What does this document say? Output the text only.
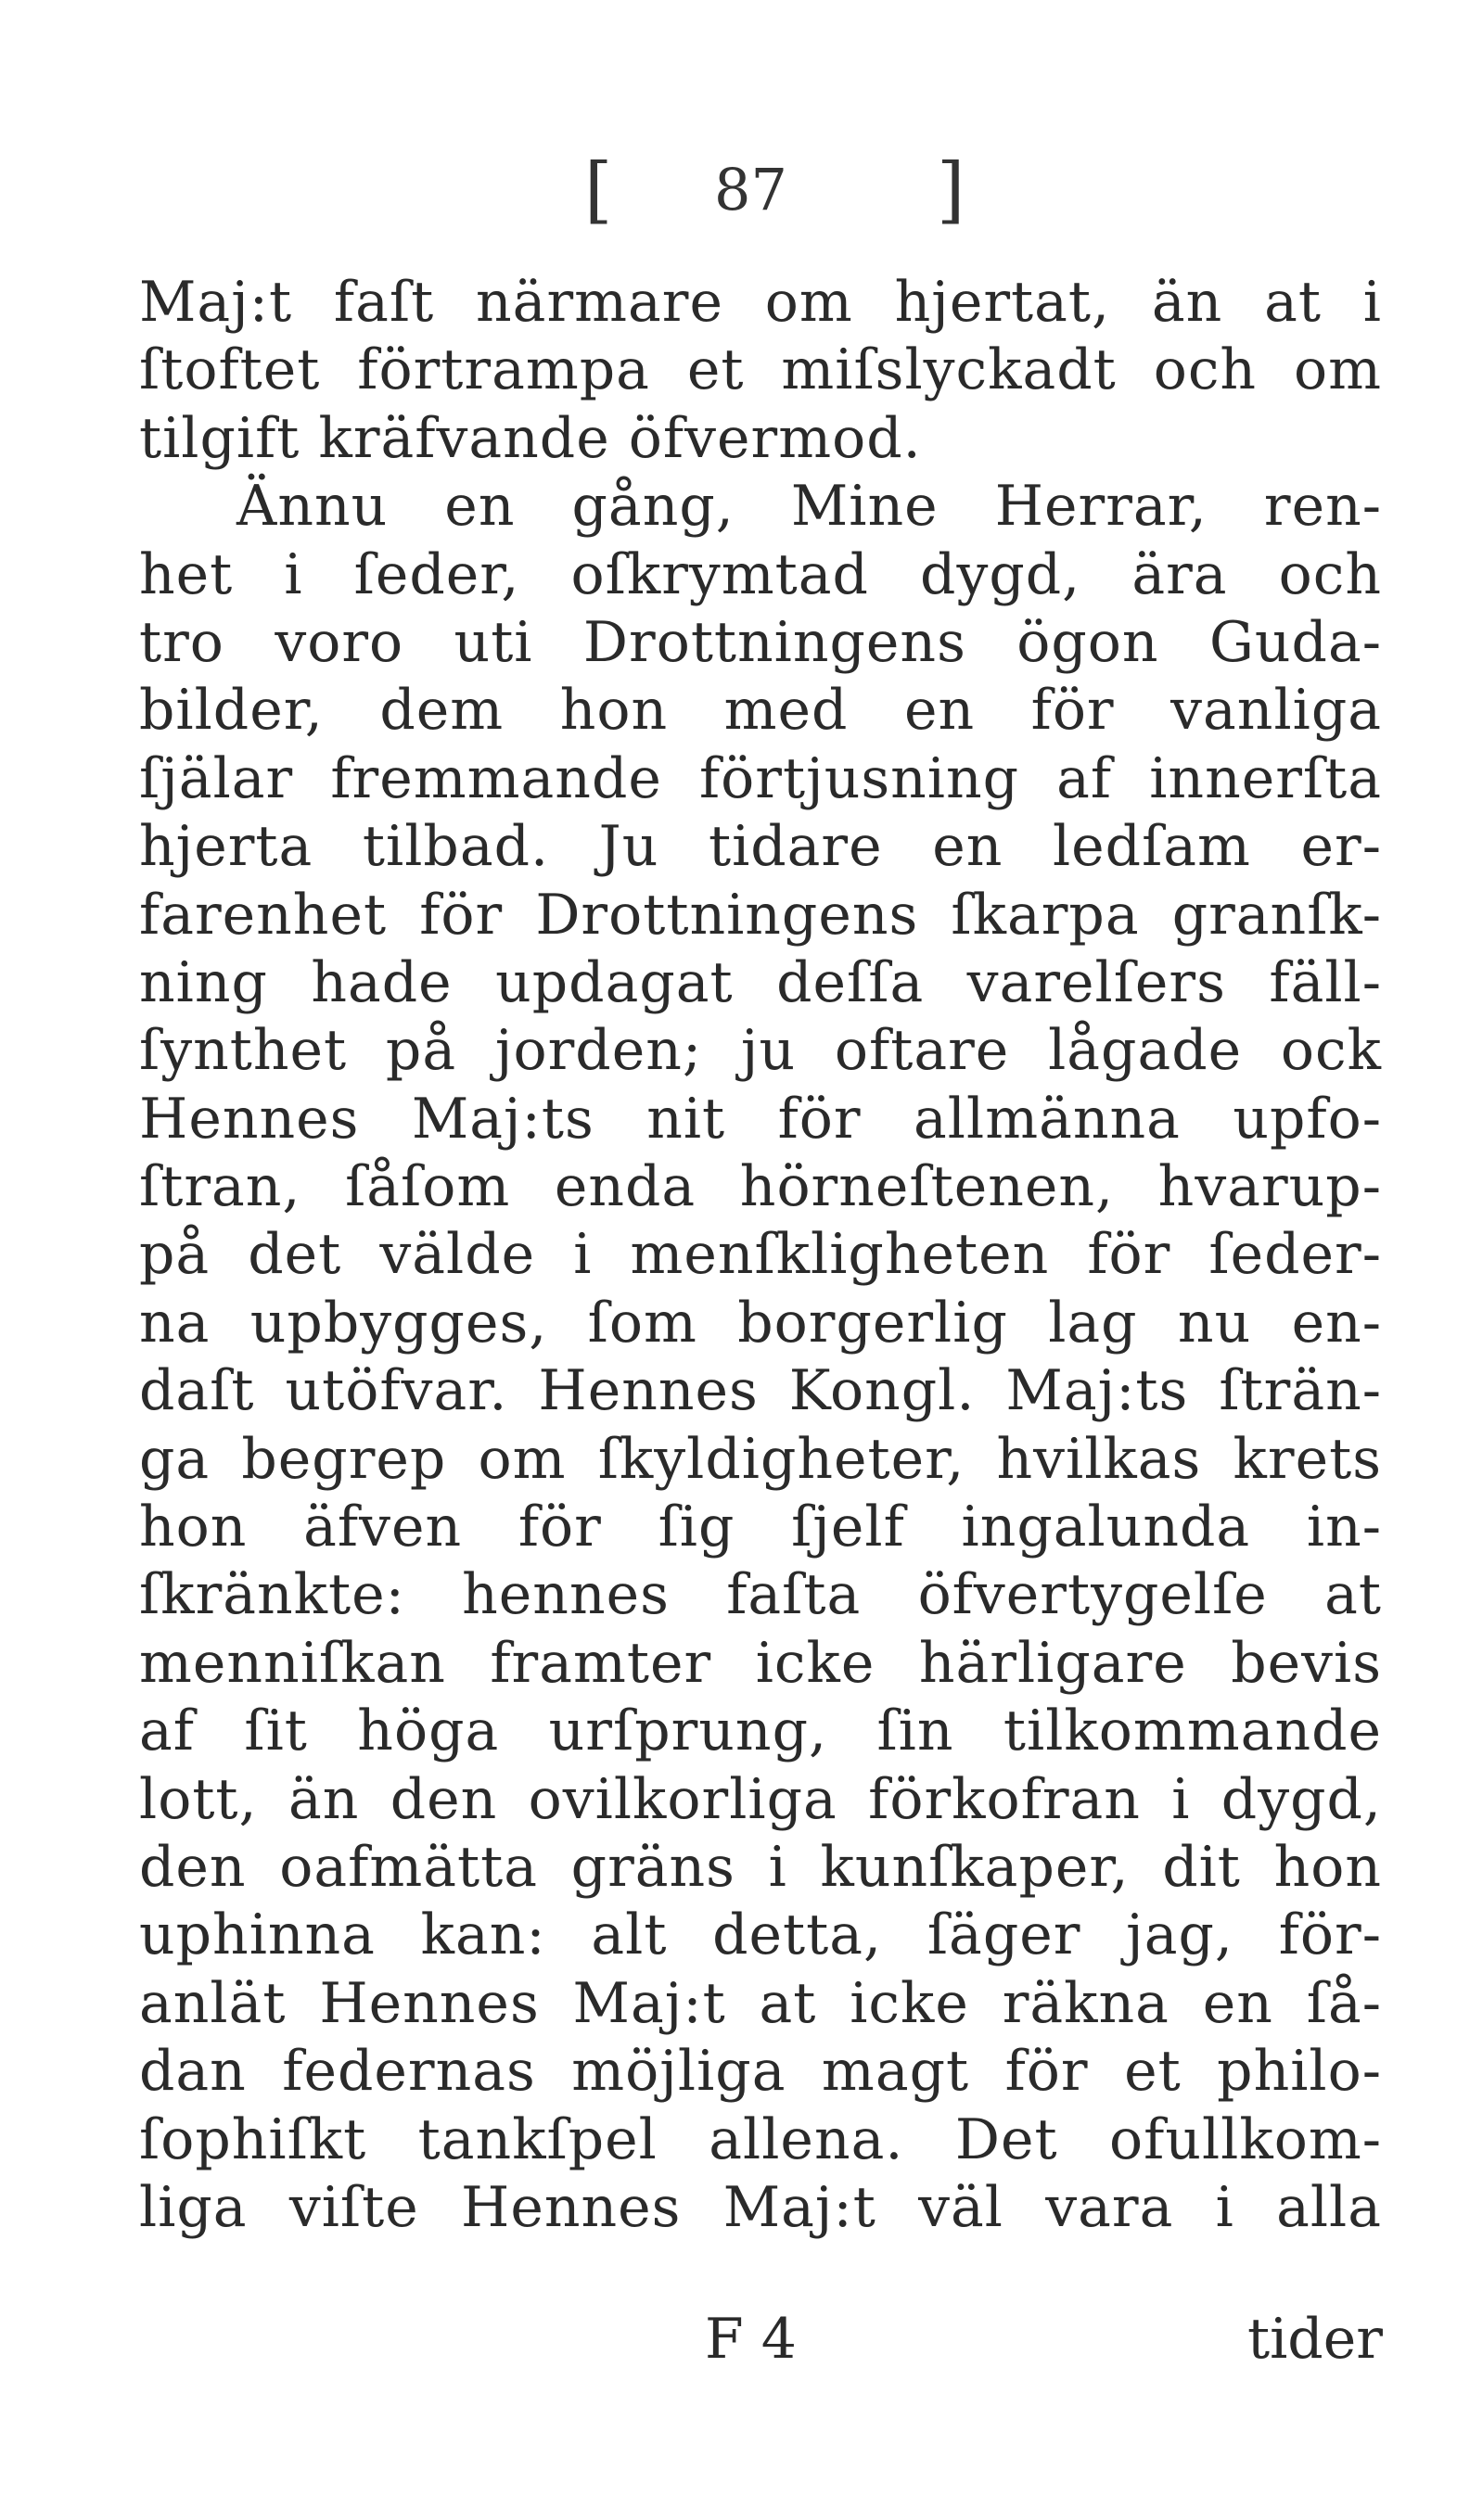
[ 87 ]
Maj:t faſt närmare om hjertat, än at i
ſtoftet förtrampa et miſslyckadt och om
tilgift kräfvande öfvermod.
Ännu en gång, Mine Herrar, ren-
het i ſeder, oſkrymtad dygd, ära och
tro voro uti Drottningens ögon Guda-
bilder, dem hon med en för vanliga
ſjälar fremmande förtjusning af innerſta
hjerta tilbad. Ju tidare en ledſam er-
farenhet för Drottningens ſkarpa granſk-
ning hade updagat deſſa varelſers fäll-
ſynthet på jorden; ju oftare lågade ock
Hennes Maj:ts nit för allmänna upfo-
ſtran, ſåſom enda hörneſtenen, hvarup-
på det välde i menſkligheten för ſeder-
na upbygges, ſom borgerlig lag nu en-
daſt utöfvar. Hennes Kongl. Maj:ts ſträn-
ga begrep om ſkyldigheter, hvilkas krets
hon äfven för ſig ſjelf ingalunda in-
ſkränkte: hennes faſta öfvertygelſe at
menniſkan framter icke härligare bevis
af ſit höga urſprung, ſin tilkommande
lott, än den ovilkorliga förkofran i dygd,
den oafmätta gräns i kunſkaper, dit hon
uphinna kan: alt detta, ſäger jag, för-
anlät Hennes Maj:t at icke räkna en ſå-
dan federnas möjliga magt för et philo-
ſophiſkt tankſpel allena. Det ofullkom-
liga viſte Hennes Maj:t väl vara i alla
F 4	tider
